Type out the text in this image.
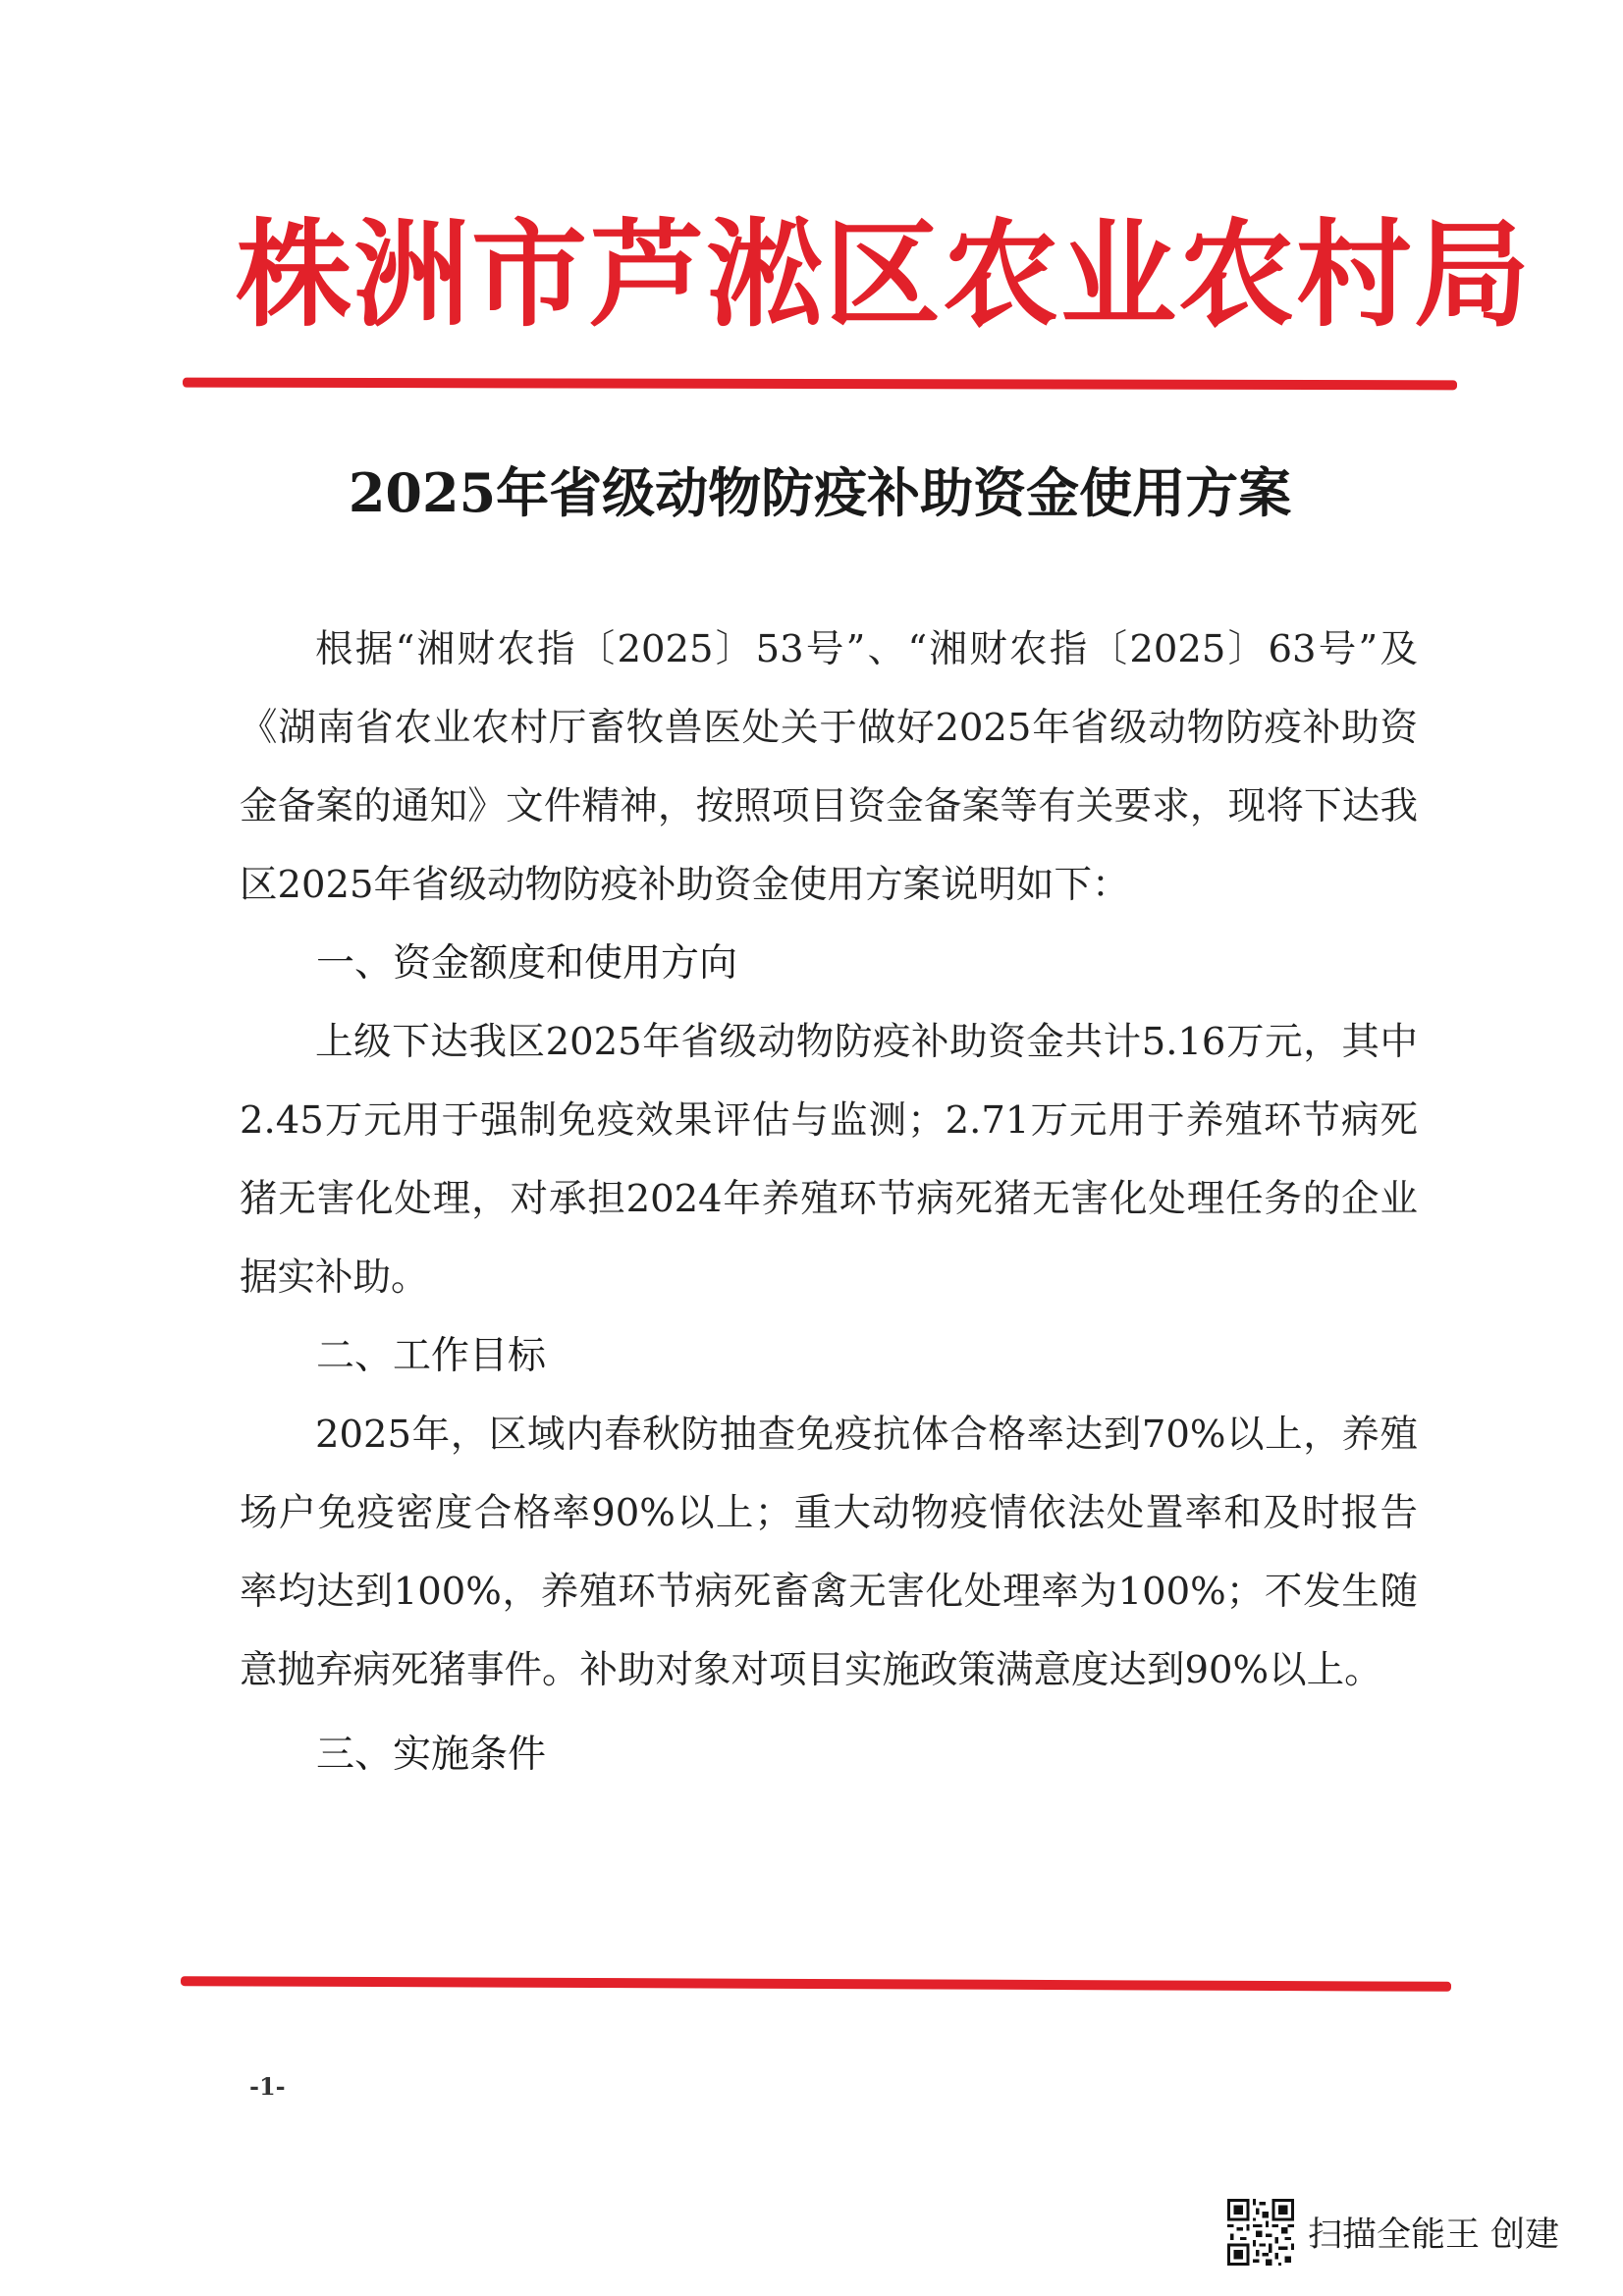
株洲市芦淞区农业农村局
2025年省级动物防疫补助资金使用方案

根据“湘财农指〔2025〕53号”、“湘财农指〔2025〕63号”及《湖南省农业农村厅畜牧兽医处关于做好2025年省级动物防疫补助资金备案的通知》文件精神，按照项目资金备案等有关要求，现将下达我区2025年省级动物防疫补助资金使用方案说明如下：

一、资金额度和使用方向

上级下达我区2025年省级动物防疫补助资金共计5.16万元，其中2.45万元用于强制免疫效果评估与监测；2.71万元用于养殖环节病死猪无害化处理，对承担2024年养殖环节病死猪无害化处理任务的企业据实补助。

二、工作目标

2025年，区域内春秋防抽查免疫抗体合格率达到70%以上，养殖场户免疫密度合格率90%以上；重大动物疫情依法处置率和及时报告率均达到100%，养殖环节病死畜禽无害化处理率为100%；不发生随意抛弃病死猪事件。补助对象对项目实施政策满意度达到90%以上。

三、实施条件

-1-
扫描全能王 创建
